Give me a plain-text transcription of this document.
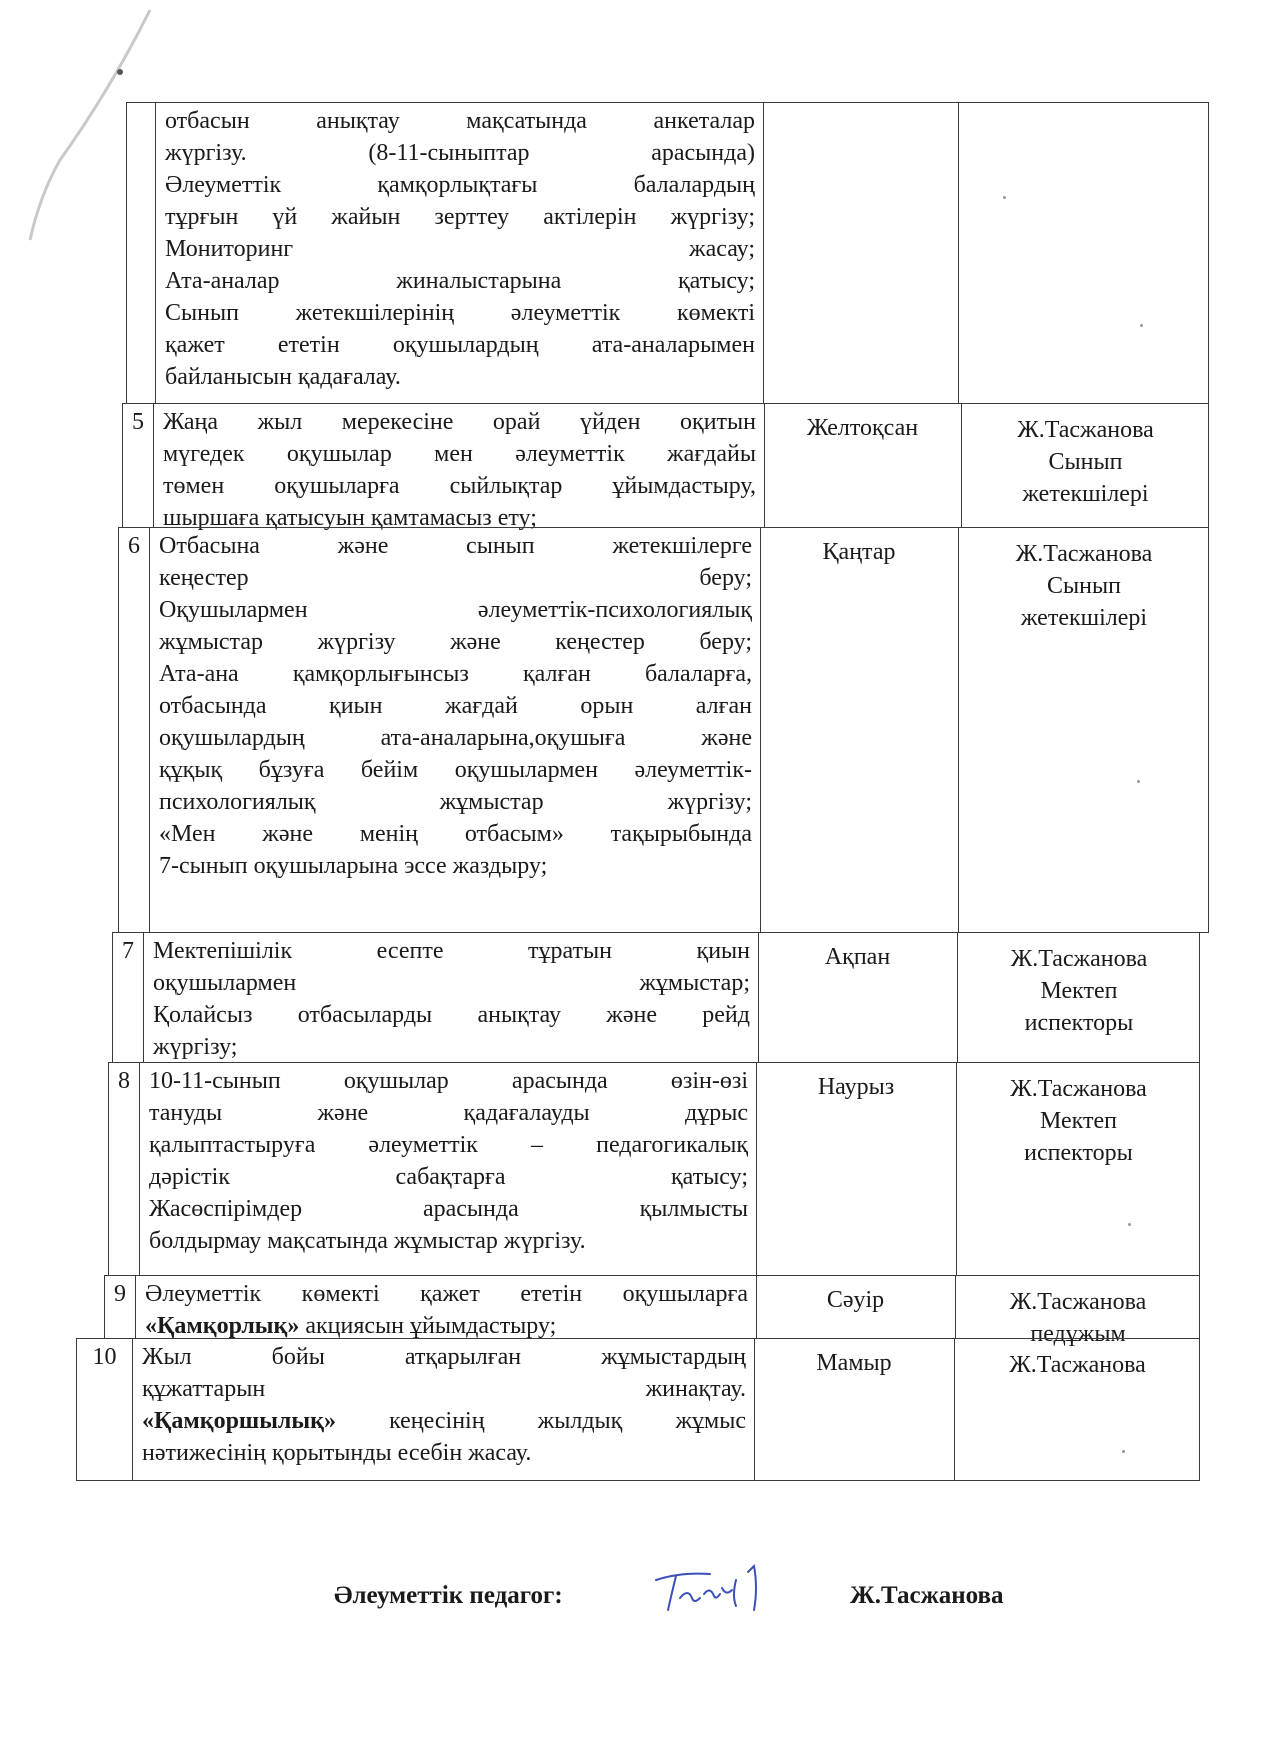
отбасын анықтау мақсатында анкеталар
жүргізу. (8-11-сыныптар арасында)
Әлеуметтік қамқорлықтағы балалардың
тұрғын үй жайын зерттеу актілерін жүргізу;
Мониторинг жасау;
Ата-аналар жиналыстарына қатысу;
Сынып жетекшілерінің әлеуметтік көмекті
қажет ететін оқушылардың ата-аналарымен
байланысын қадағалау.
5 Жаңа жыл мерекесіне орай үйден оқитын
мүгедек оқушылар мен әлеуметтік жағдайы
төмен оқушыларға сыйлықтар ұйымдастыру,
шыршаға қатысуын қамтамасыз ету;
Желтоқсан	Ж.Тасжанова
Сынып
жетекшілері
6 Отбасына және сынып жетекшілерге
кеңестер беру;
Оқушылармен әлеуметтік-психологиялық
жұмыстар жүргізу және кеңестер беру;
Ата-ана қамқорлығынсыз қалған балаларға,
отбасында қиын жағдай орын алған
оқушылардың ата-аналарына,оқушыға және
құқық бұзуға бейім оқушылармен әлеуметтік-
психологиялық жұмыстар жүргізу;
«Мен және менің отбасым» тақырыбында
7-сынып оқушыларына эссе жаздыру;
Қаңтар	Ж.Тасжанова
Сынып
жетекшілері
7 Мектепішілік есепте тұратын қиын
оқушылармен жұмыстар;
Қолайсыз отбасыларды анықтау және рейд
жүргізу;
Ақпан	Ж.Тасжанова
Мектеп
испекторы
8 10-11-сынып оқушылар арасында өзін-өзі
тануды және қадағалауды дұрыс
қалыптастыруға әлеуметтік – педагогикалық
дәрістік сабақтарға қатысу;
Жасөспірімдер арасында қылмысты
болдырмау мақсатында жұмыстар жүргізу.
Наурыз	Ж.Тасжанова
Мектеп
испекторы
9 Әлеуметтік көмекті қажет ететін оқушыларға
«Қамқорлық» акциясын ұйымдастыру;
Сәуір	Ж.Тасжанова
педұжым
10	Жыл бойы атқарылған жұмыстардың
құжаттарын жинақтау.
«Қамқоршылық» кеңесінің жылдық жұмыс
нәтижесінің қорытынды есебін жасау.
Мамыр	Ж.Тасжанова
Әлеуметтік педагог:	Ж.Тасжанова
